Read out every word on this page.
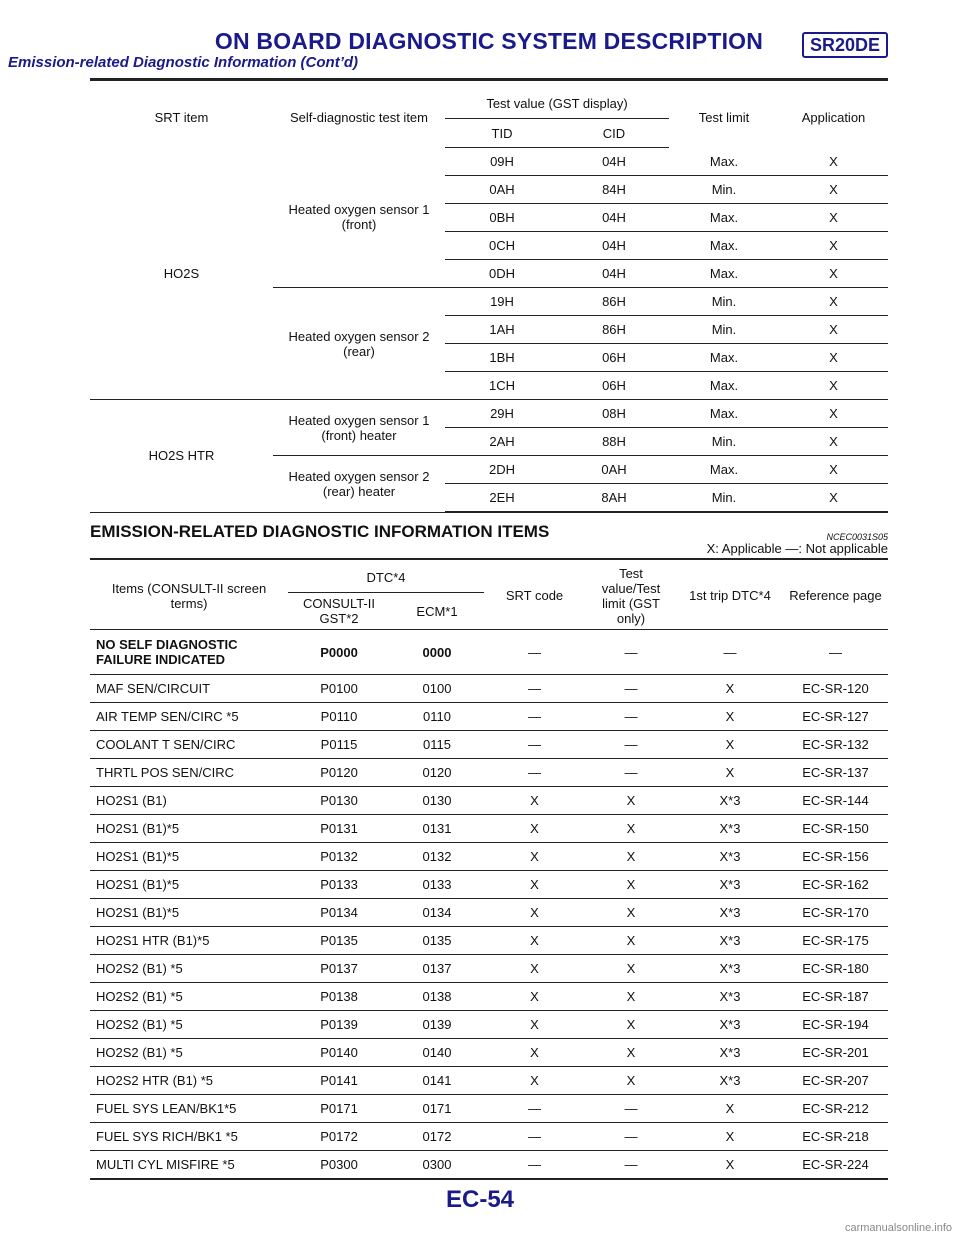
ON BOARD DIAGNOSTIC SYSTEM DESCRIPTION	SR20DE
Emission-related Diagnostic Information (Cont’d)
SRT item	Self-diagnostic test item	Test value (GST display)		Test limit	Application
		TID	CID		
HO2S	Heated oxygen sensor 1 (front)	09H	04H	Max.	X
		0AH	84H	Min.	X
		0BH	04H	Max.	X
		0CH	04H	Max.	X
		0DH	04H	Max.	X
	Heated oxygen sensor 2 (rear)	19H	86H	Min.	X
		1AH	86H	Min.	X
		1BH	06H	Max.	X
		1CH	06H	Max.	X
HO2S HTR	Heated oxygen sensor 1 (front) heater	29H	08H	Max.	X
		2AH	88H	Min.	X
	Heated oxygen sensor 2 (rear) heater	2DH	0AH	Max.	X
		2EH	8AH	Min.	X
EMISSION-RELATED DIAGNOSTIC INFORMATION ITEMS	NCEC0031S05
X: Applicable —: Not applicable
Items (CONSULT-II screen terms)	DTC*4		SRT code	Test value/Test limit (GST only)	1st trip DTC*4	Reference page
	CONSULT-II GST*2	ECM*1				
NO SELF DIAGNOSTIC FAILURE INDICATED	P0000	0000	—	—	—	—
MAF SEN/CIRCUIT	P0100	0100	—	—	X	EC-SR-120
AIR TEMP SEN/CIRC *5	P0110	0110	—	—	X	EC-SR-127
COOLANT T SEN/CIRC	P0115	0115	—	—	X	EC-SR-132
THRTL POS SEN/CIRC	P0120	0120	—	—	X	EC-SR-137
HO2S1 (B1)	P0130	0130	X	X	X*3	EC-SR-144
HO2S1 (B1)*5	P0131	0131	X	X	X*3	EC-SR-150
HO2S1 (B1)*5	P0132	0132	X	X	X*3	EC-SR-156
HO2S1 (B1)*5	P0133	0133	X	X	X*3	EC-SR-162
HO2S1 (B1)*5	P0134	0134	X	X	X*3	EC-SR-170
HO2S1 HTR (B1)*5	P0135	0135	X	X	X*3	EC-SR-175
HO2S2 (B1) *5	P0137	0137	X	X	X*3	EC-SR-180
HO2S2 (B1) *5	P0138	0138	X	X	X*3	EC-SR-187
HO2S2 (B1) *5	P0139	0139	X	X	X*3	EC-SR-194
HO2S2 (B1) *5	P0140	0140	X	X	X*3	EC-SR-201
HO2S2 HTR (B1) *5	P0141	0141	X	X	X*3	EC-SR-207
FUEL SYS LEAN/BK1*5	P0171	0171	—	—	X	EC-SR-212
FUEL SYS RICH/BK1 *5	P0172	0172	—	—	X	EC-SR-218
MULTI CYL MISFIRE *5	P0300	0300	—	—	X	EC-SR-224
EC-54
carmanualsonline.info
